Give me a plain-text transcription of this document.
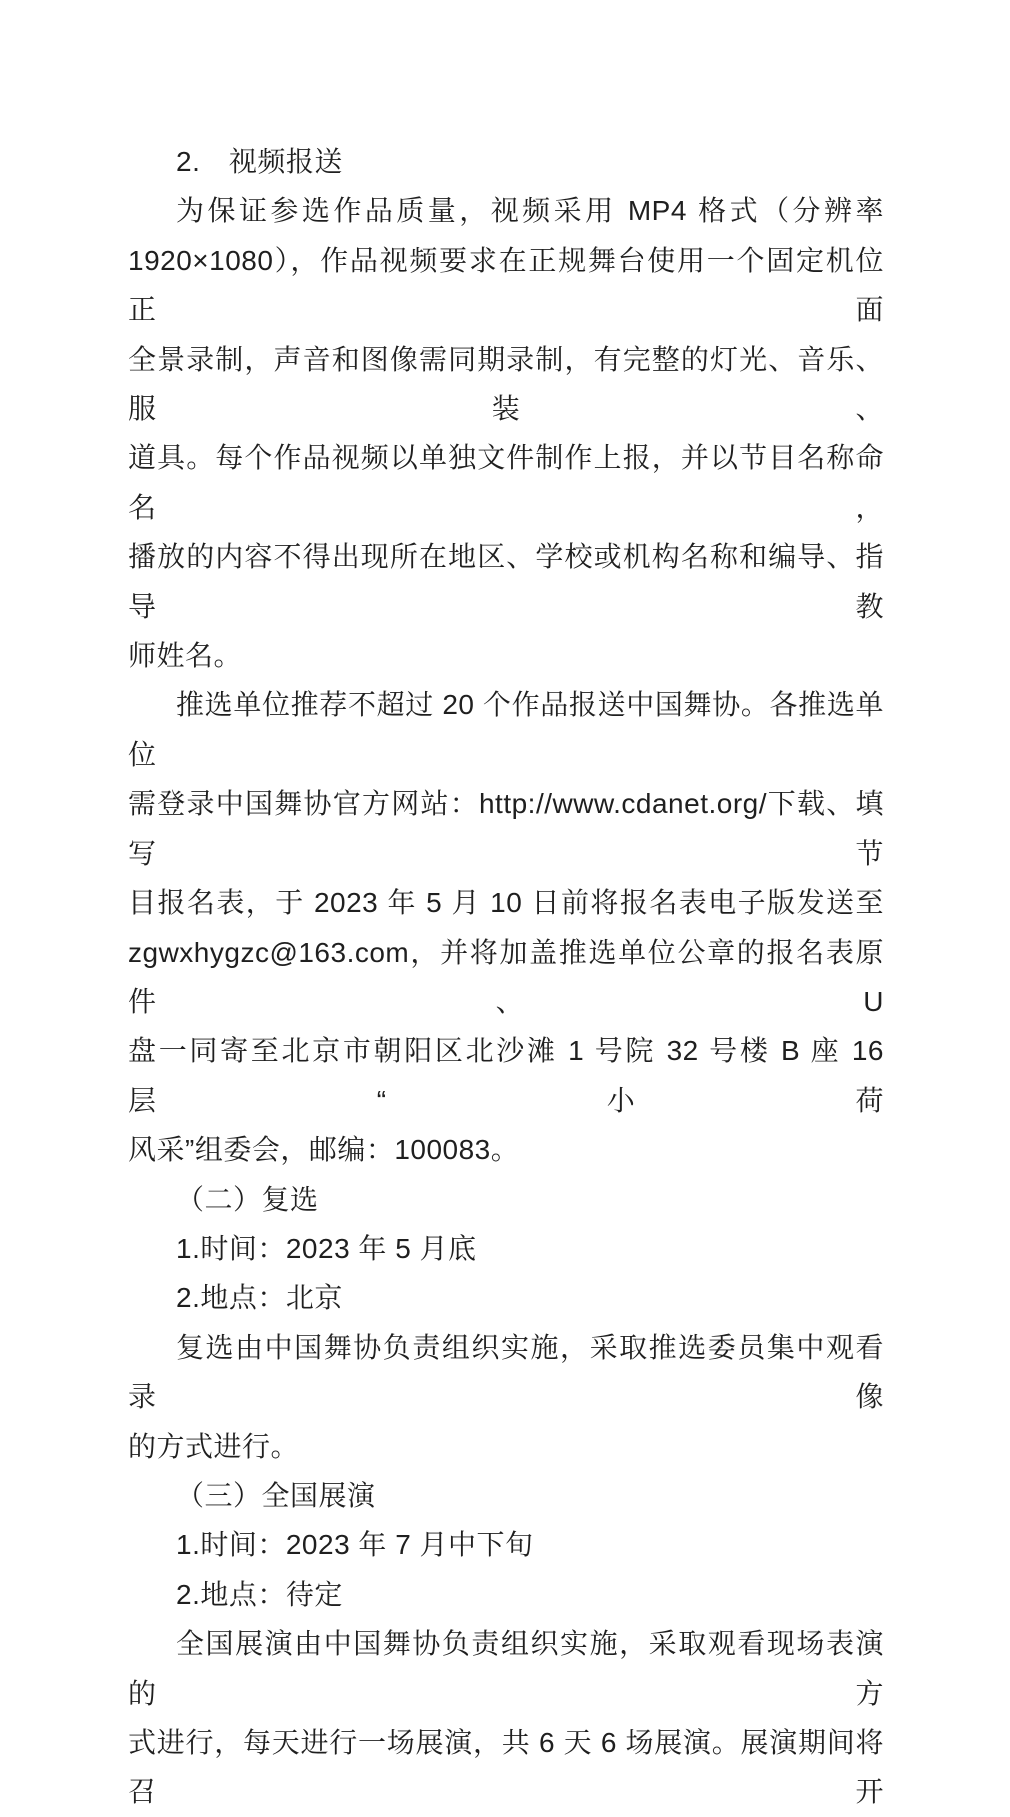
2.　视频报送
为保证参选作品质量，视频采用 MP4 格式（分辨率
1920×1080），作品视频要求在正规舞台使用一个固定机位正面
全景录制，声音和图像需同期录制，有完整的灯光、音乐、服装、
道具。每个作品视频以单独文件制作上报，并以节目名称命名，
播放的内容不得出现所在地区、学校或机构名称和编导、指导教
师姓名。
推选单位推荐不超过 20 个作品报送中国舞协。各推选单位
需登录中国舞协官方网站：http://www.cdanet.org/下载、填写节
目报名表，于 2023 年 5 月 10 日前将报名表电子版发送至
zgwxhygzc@163.com，并将加盖推选单位公章的报名表原件、U
盘一同寄至北京市朝阳区北沙滩 1 号院 32 号楼 B 座 16 层“小荷
风采”组委会，邮编：100083。
（二）复选
1.时间：2023 年 5 月底
2.地点：北京
复选由中国舞协负责组织实施，采取推选委员集中观看录像
的方式进行。
（三）全国展演
1.时间：2023 年 7 月中下旬
2.地点：待定
全国展演由中国舞协负责组织实施，采取观看现场表演的方
式进行，每天进行一场展演，共 6 天 6 场展演。展演期间将召开
